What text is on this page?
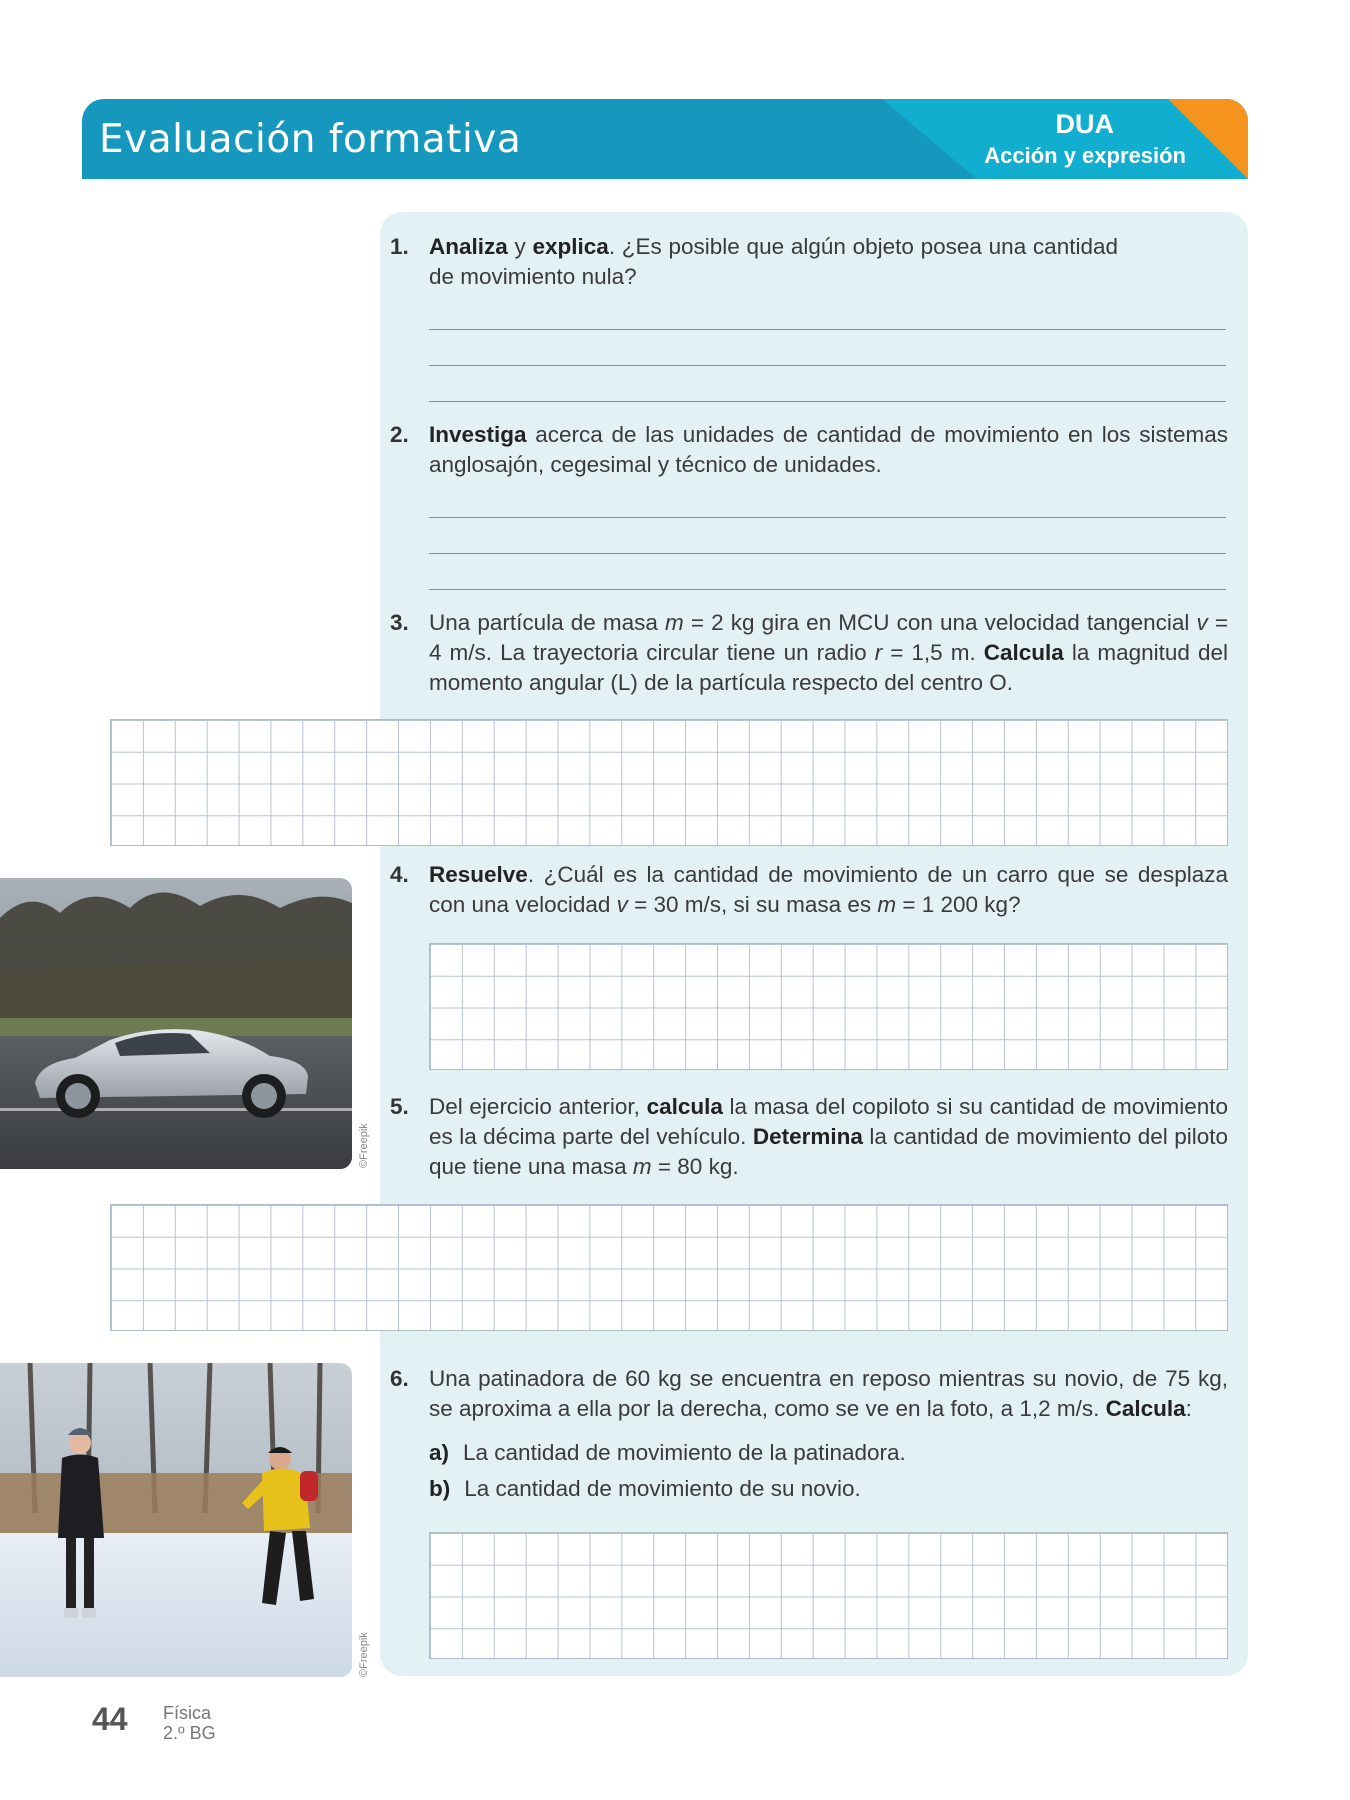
Evaluación formativa	DUA
Acción y expresión
1. Analiza y explica. ¿Es posible que algún objeto posea una cantidad de movimiento nula?
2. Investiga acerca de las unidades de cantidad de movimiento en los sistemas anglosajón, cegesimal y técnico de unidades.
3. Una partícula de masa m = 2 kg gira en MCU con una velocidad tangencial v = 4 m/s. La trayectoria circular tiene un radio r = 1,5 m. Calcula la magnitud del momento angular (L) de la partícula respecto del centro O.
©Freepik
4. Resuelve. ¿Cuál es la cantidad de movimiento de un carro que se desplaza con una velocidad v = 30 m/s, si su masa es m = 1 200 kg?
5. Del ejercicio anterior, calcula la masa del copiloto si su cantidad de movimiento es la décima parte del vehículo. Determina la cantidad de movimiento del piloto que tiene una masa m = 80 kg.
©Freepik
6. Una patinadora de 60 kg se encuentra en reposo mientras su novio, de 75 kg, se aproxima a ella por la derecha, como se ve en la foto, a 1,2 m/s. Calcula:
a) La cantidad de movimiento de la patinadora.
b) La cantidad de movimiento de su novio.
44 Física
2.º BG
